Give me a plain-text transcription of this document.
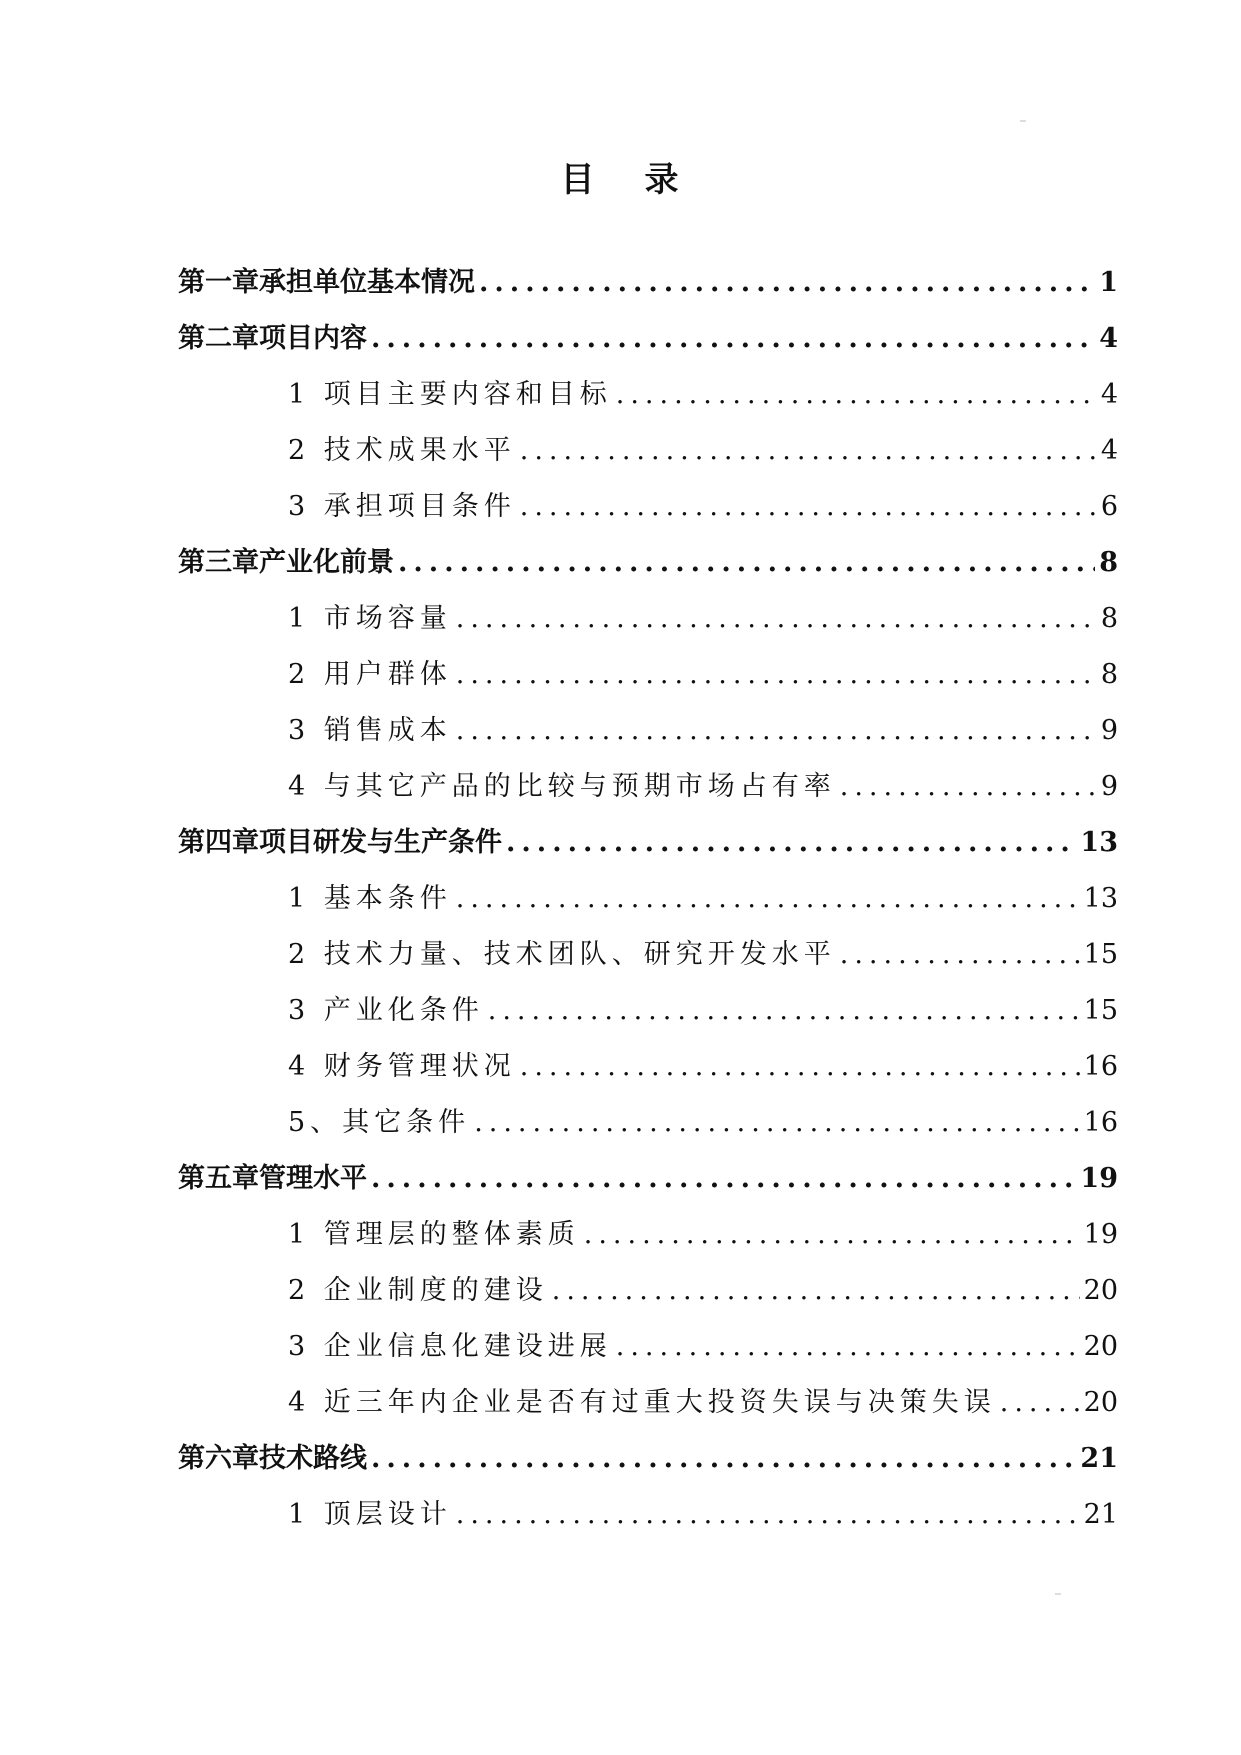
目 录
第一章 承担单位基本情况 .....	1
第二章 项目内容 .....	4
1 项目主要内容和目标 .....	4
2 技术成果水平 .....	4
3 承担项目条件 .....	6
第三章 产业化前景 .....	8
1 市场容量 .....	8
2 用户群体 .....	8
3 销售成本 .....	9
4 与其它产品的比较与预期市场占有率 .....	9
第四章 项目研发与生产条件 .....	13
1 基本条件 .....	13
2 技术力量、技术团队、研究开发水平 .....	15
3 产业化条件 .....	15
4 财务管理状况 .....	16
5、其它条件 .....	16
第五章 管理水平 .....	19
1 管理层的整体素质 .....	19
2 企业制度的建设 .....	20
3 企业信息化建设进展 .....	20
4 近三年内企业是否有过重大投资失误与决策失误 .....	20
第六章 技术路线 .....	21
1 顶层设计 .....	21
